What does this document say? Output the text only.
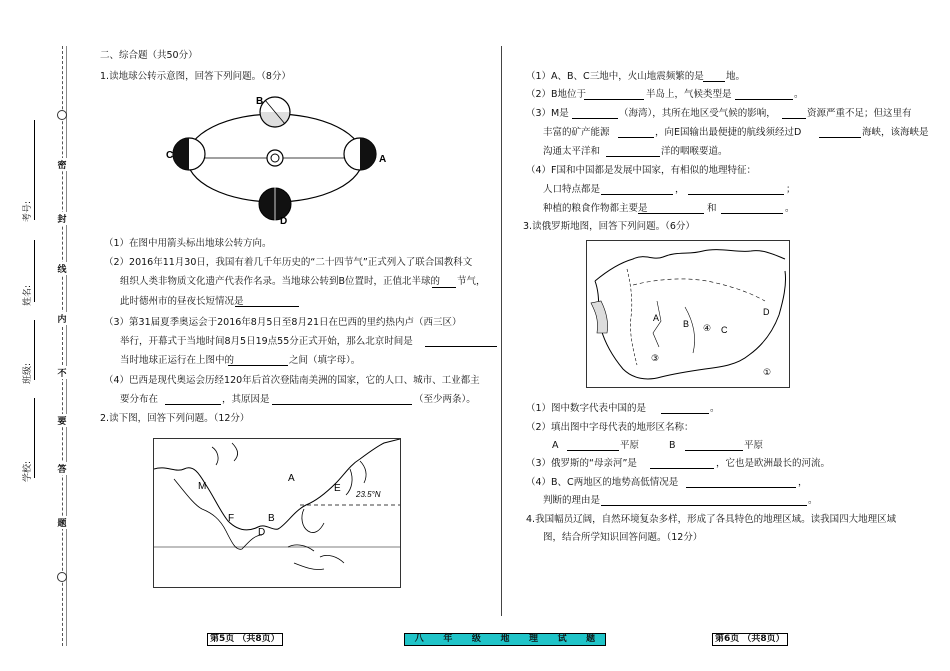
密
封
线
内
不
要
答
题
考号:
姓名:
班级:
学校:
二、综合题（共50分）
1.读地球公转示意图，回答下列问题。（8分）
B
C	A
D
（1）在图中用箭头标出地球公转方向。
（2）2016年11月30日，我国有着几千年历史的“二十四节气”正式列入了联合国教科文
组织人类非物质文化遗产代表作名录。当地球公转到B位置时，正值北半球的 节气，
此时德州市的昼夜长短情况是
（3）第31届夏季奥运会于2016年8月5日至8月21日在巴西的里约热内卢（西三区）
举行，开幕式于当地时间8月5日19点55分正式开始，那么北京时间是
当时地球正运行在上图中的	之间（填字母）。
（4）巴西是现代奥运会历经120年后首次登陆南美洲的国家，它的人口、城市、工业都主
要分布在	，其原因是	（至少两条）。
2.读下图，回答下列问题。（12分）
A
E
M
F	B
D
23.5°N
（1）A、B、C三地中，火山地震频繁的是 地。
（2）B地位于	半岛上，气候类型是	。
（3）M是	（海湾），其所在地区受气候的影响，	资源严重不足；但这里有
丰富的矿产能源	，向E国输出最便捷的航线须经过D	海峡，该海峡是
沟通太平洋和	洋的咽喉要道。
（4）F国和中国都是发展中国家，有相似的地理特征：
人口特点都是	，	；
种植的粮食作物都主要是	和	。
3.读俄罗斯地图，回答下列问题。（6分）
A
B
C
D
③
④
①
（1）图中数字代表中国的是	。
（2）填出图中字母代表的地形区名称：
A	平原	B	平原
（3）俄罗斯的“母亲河”是	，它也是欧洲最长的河流。
（4）B、C两地区的地势高低情况是	，
判断的理由是	。
4.我国幅员辽阔，自然环境复杂多样，形成了各具特色的地理区域。读我国四大地理区域
图，结合所学知识回答问题。（12分）
第5页 （共8页）	八 年 级 地 理 试 题	第6页 （共8页）
